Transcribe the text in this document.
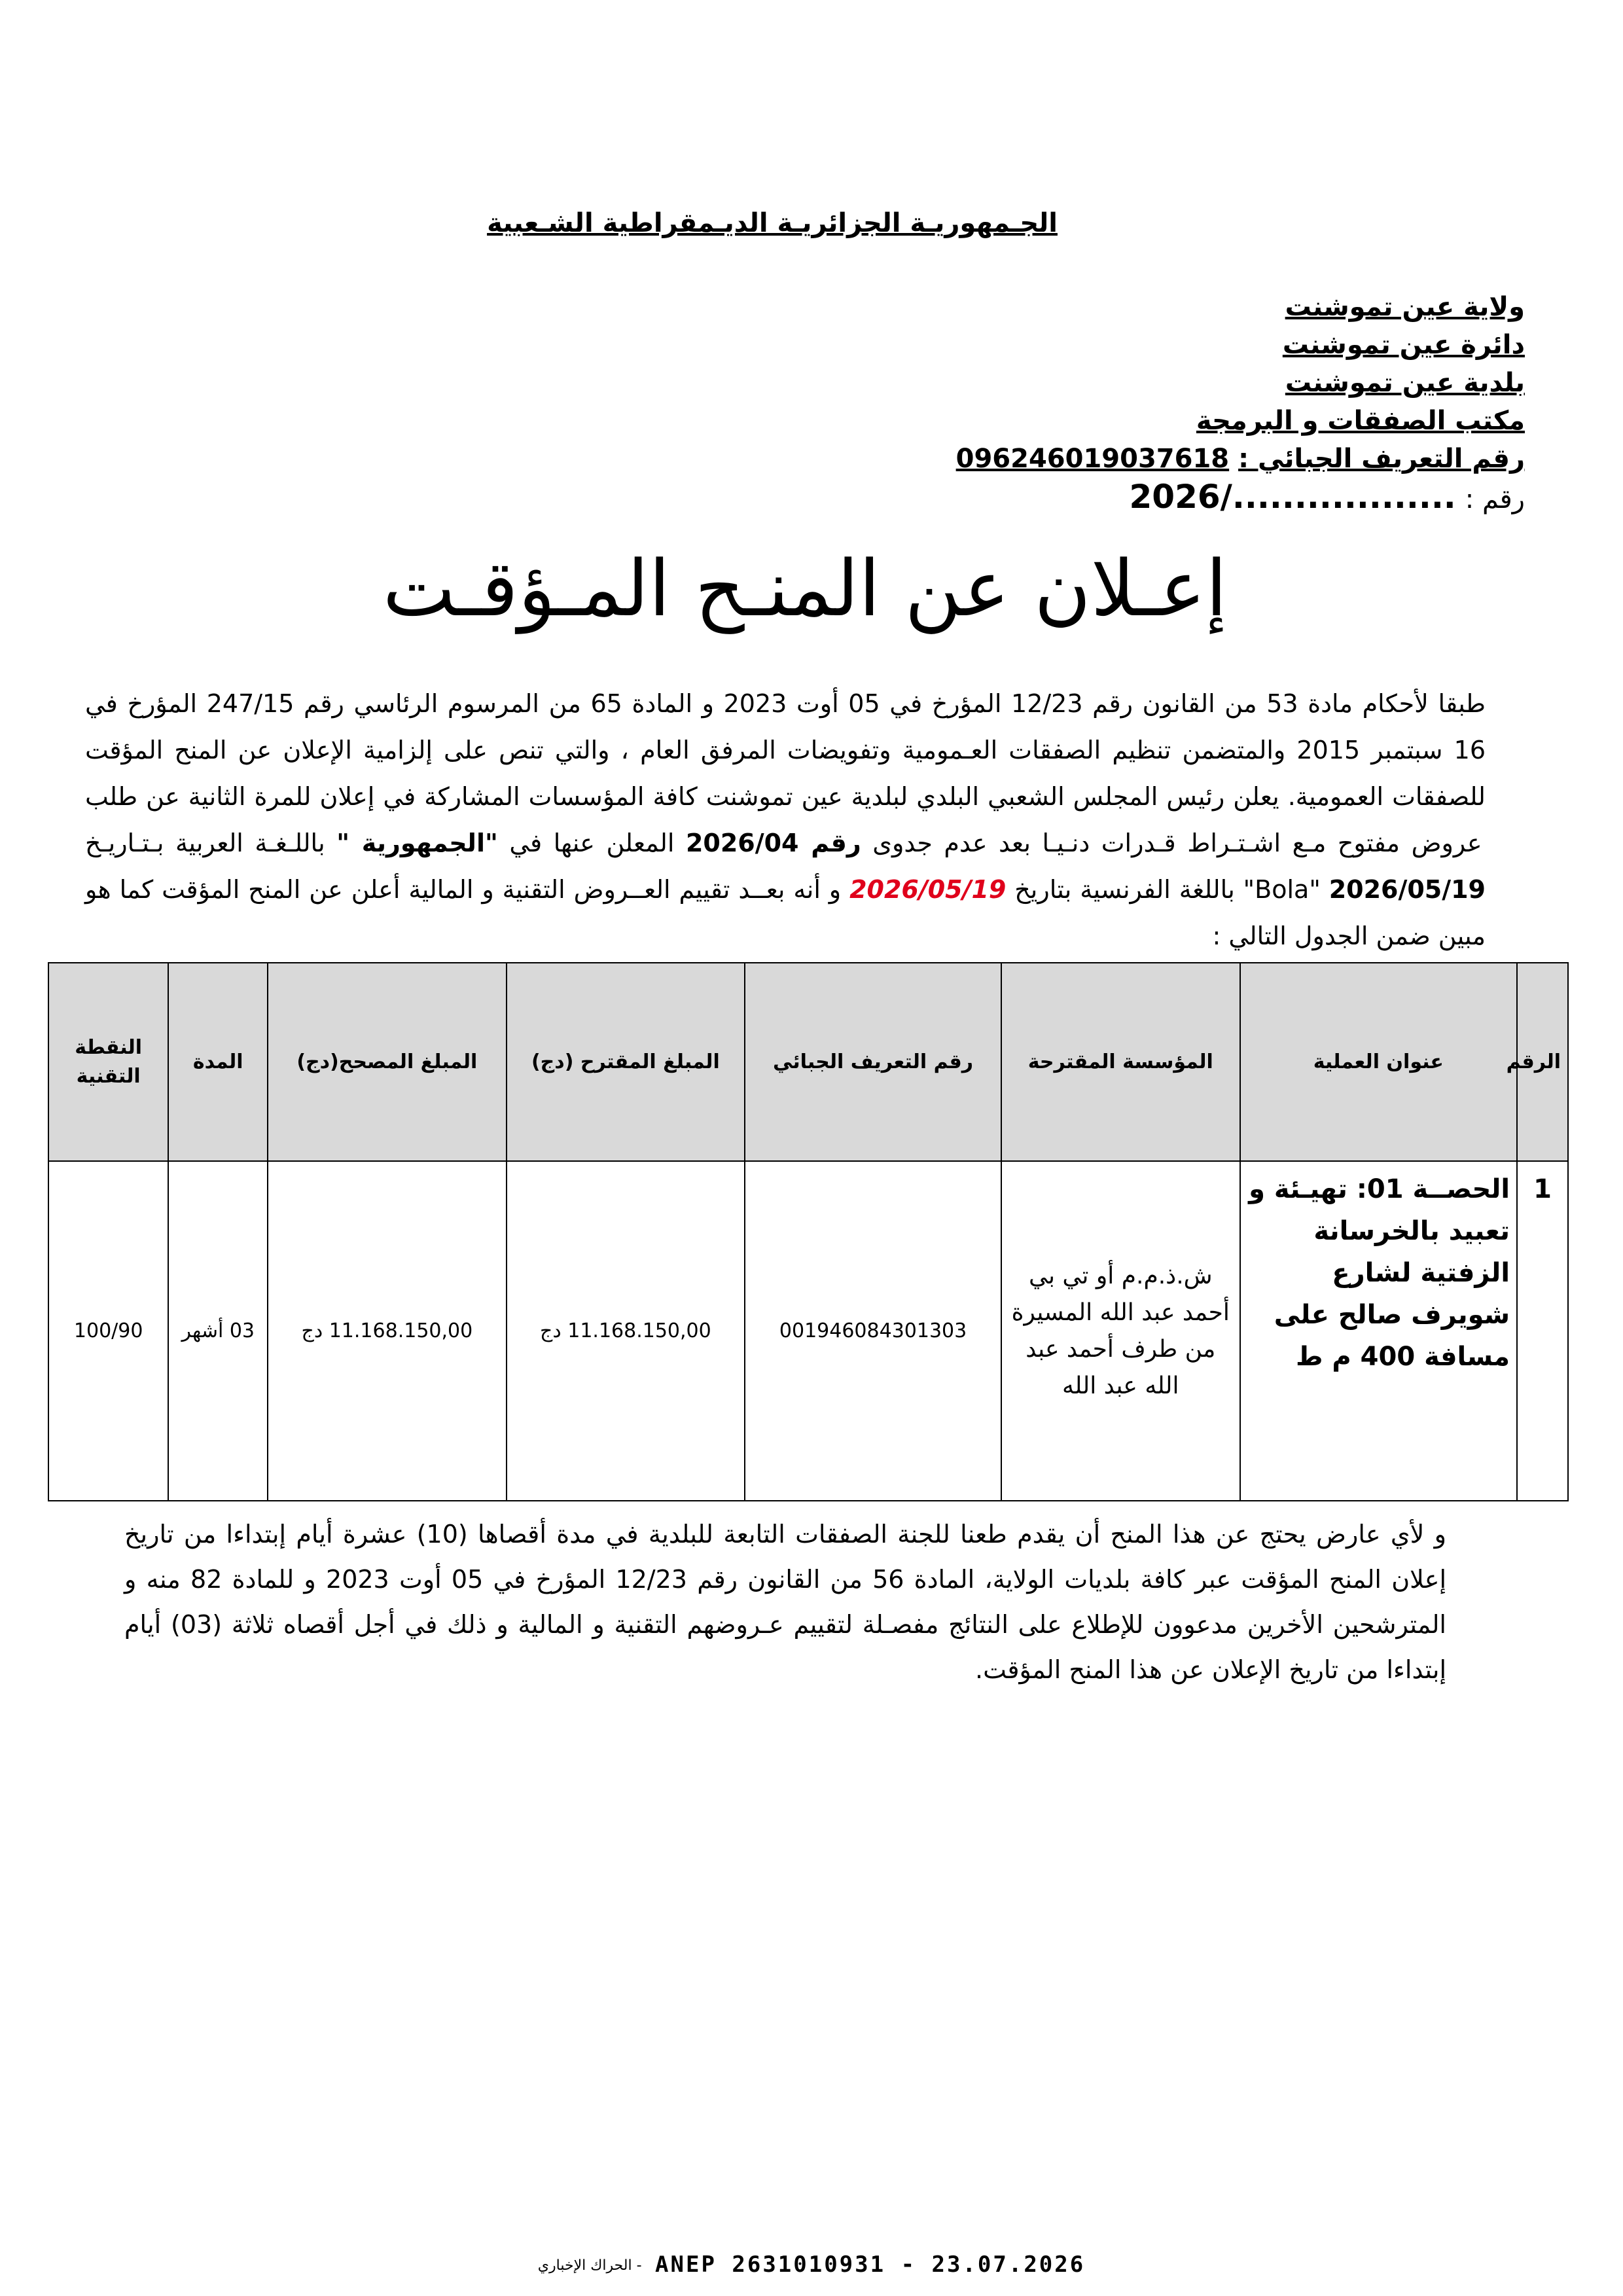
الجـمهوريـة الجزائريـة الديـمقراطية الشـعبية
ولاية عين تموشنت
دائرة عين تموشنت
بلدية عين تموشنت
مكتب الصفقات و البرمجة
رقم التعريف الجبائي : 096246019037618
رقم : 2026/..................
إعـلان عن المنـح المـؤقـت
طبقا لأحكام مادة 53 من القانون رقم 12/23 المؤرخ في 05 أوت 2023 و المادة 65 من المرسوم الرئاسي رقم 247/15 المؤرخ في 16 سبتمبر 2015 والمتضمن تنظيم الصفقات العـمومية وتفويضات المرفق العام ، والتي تنص على إلزامية الإعلان عن المنح المؤقت للصفقات العمومية. يعلن رئيس المجلس الشعبي البلدي لبلدية عين تموشنت كافة المؤسسات المشاركة في إعلان للمرة الثانية عن طلب عروض مفتوح مـع اشـتـراط قـدرات دنـيـا بعد عدم جدوى رقم 2026/04 المعلن عنها في "الجمهورية " باللـغـة العربية بـتـاريـخ 2026/05/19 "Bola" باللغة الفرنسية بتاريخ 2026/05/19 و أنه بعــد تقييم العــروض التقنية و المالية أعلن عن المنح المؤقت كما هو مبين ضمن الجدول التالي :
الرقم	عنوان العملية	المؤسسة المقترحة	رقم التعريف الجبائي	المبلغ المقترح (دج)	المبلغ المصحح(دج)	المدة	النقطة التقنية
1	الحصــة 01: تهيـئة و تعبيد بالخرسانة الزفتية لشارع شويرف صالح على مسافة 400 م ط	ش.ذ.م.م أو تي بي أحمد عبد الله المسيرة من طرف أحمد عبد الله عبد الله	001946084301303	11.168.150,00 دج	11.168.150,00 دج	03 أشهر	100/90
و لأي عارض يحتج عن هذا المنح أن يقدم طعنا للجنة الصفقات التابعة للبلدية في مدة أقصاها (10) عشرة أيام إبتداءا من تاريخ إعلان المنح المؤقت عبر كافة بلديات الولاية، المادة 56 من القانون رقم 12/23 المؤرخ في 05 أوت 2023 و للمادة 82 منه و المترشحين الأخرين مدعوون للإطلاع على النتائج مفصـلة لتقييم عـروضهم التقنية و المالية و ذلك في أجل أقصاه ثلاثة (03) أيام إبتداءا من تاريخ الإعلان عن هذا المنح المؤقت.
الحراك الإخباري - ANEP 2631010931 - 23.07.2026
